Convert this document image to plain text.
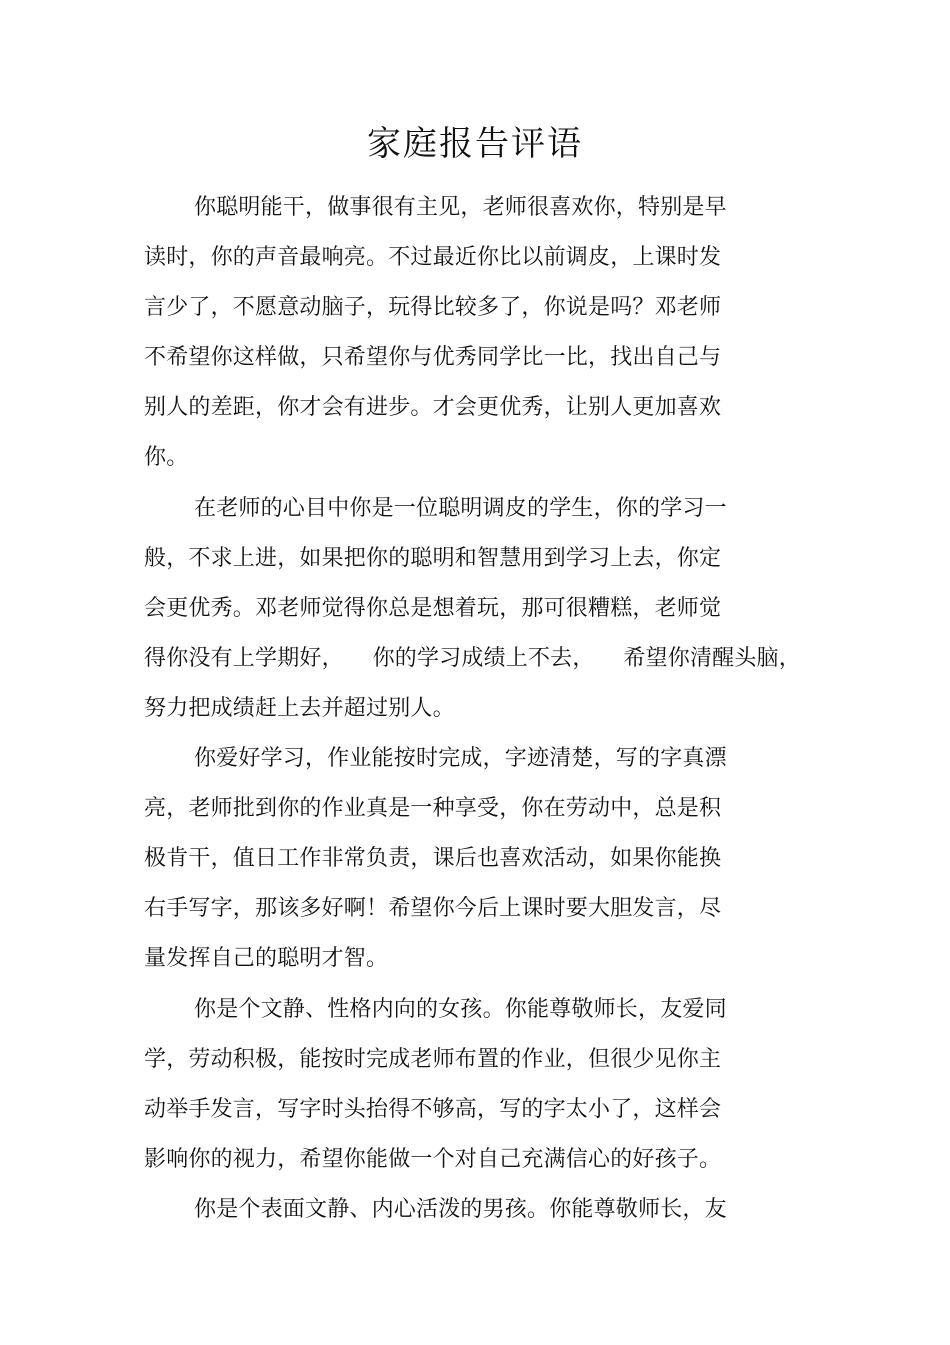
家庭报告评语
你聪明能干，做事很有主见，老师很喜欢你，特别是早
读时，你的声音最响亮。不过最近你比以前调皮，上课时发
言少了，不愿意动脑子，玩得比较多了，你说是吗？邓老师
不希望你这样做，只希望你与优秀同学比一比，找出自己与
别人的差距，你才会有进步。才会更优秀，让别人更加喜欢
你。
在老师的心目中你是一位聪明调皮的学生，你的学习一
般，不求上进，如果把你的聪明和智慧用到学习上去，你定
会更优秀。邓老师觉得你总是想着玩，那可很糟糕，老师觉
得你没有上学期好，    你的学习成绩上不去，    希望你清醒头脑，
努力把成绩赶上去并超过别人。
你爱好学习，作业能按时完成，字迹清楚，写的字真漂
亮，老师批到你的作业真是一种享受，你在劳动中，总是积
极肯干，值日工作非常负责，课后也喜欢活动，如果你能换
右手写字，那该多好啊！希望你今后上课时要大胆发言，尽
量发挥自己的聪明才智。
你是个文静、性格内向的女孩。你能尊敬师长，友爱同
学，劳动积极，能按时完成老师布置的作业，但很少见你主
动举手发言，写字时头抬得不够高，写的字太小了，这样会
影响你的视力，希望你能做一个对自己充满信心的好孩子。
你是个表面文静、内心活泼的男孩。你能尊敬师长，友
